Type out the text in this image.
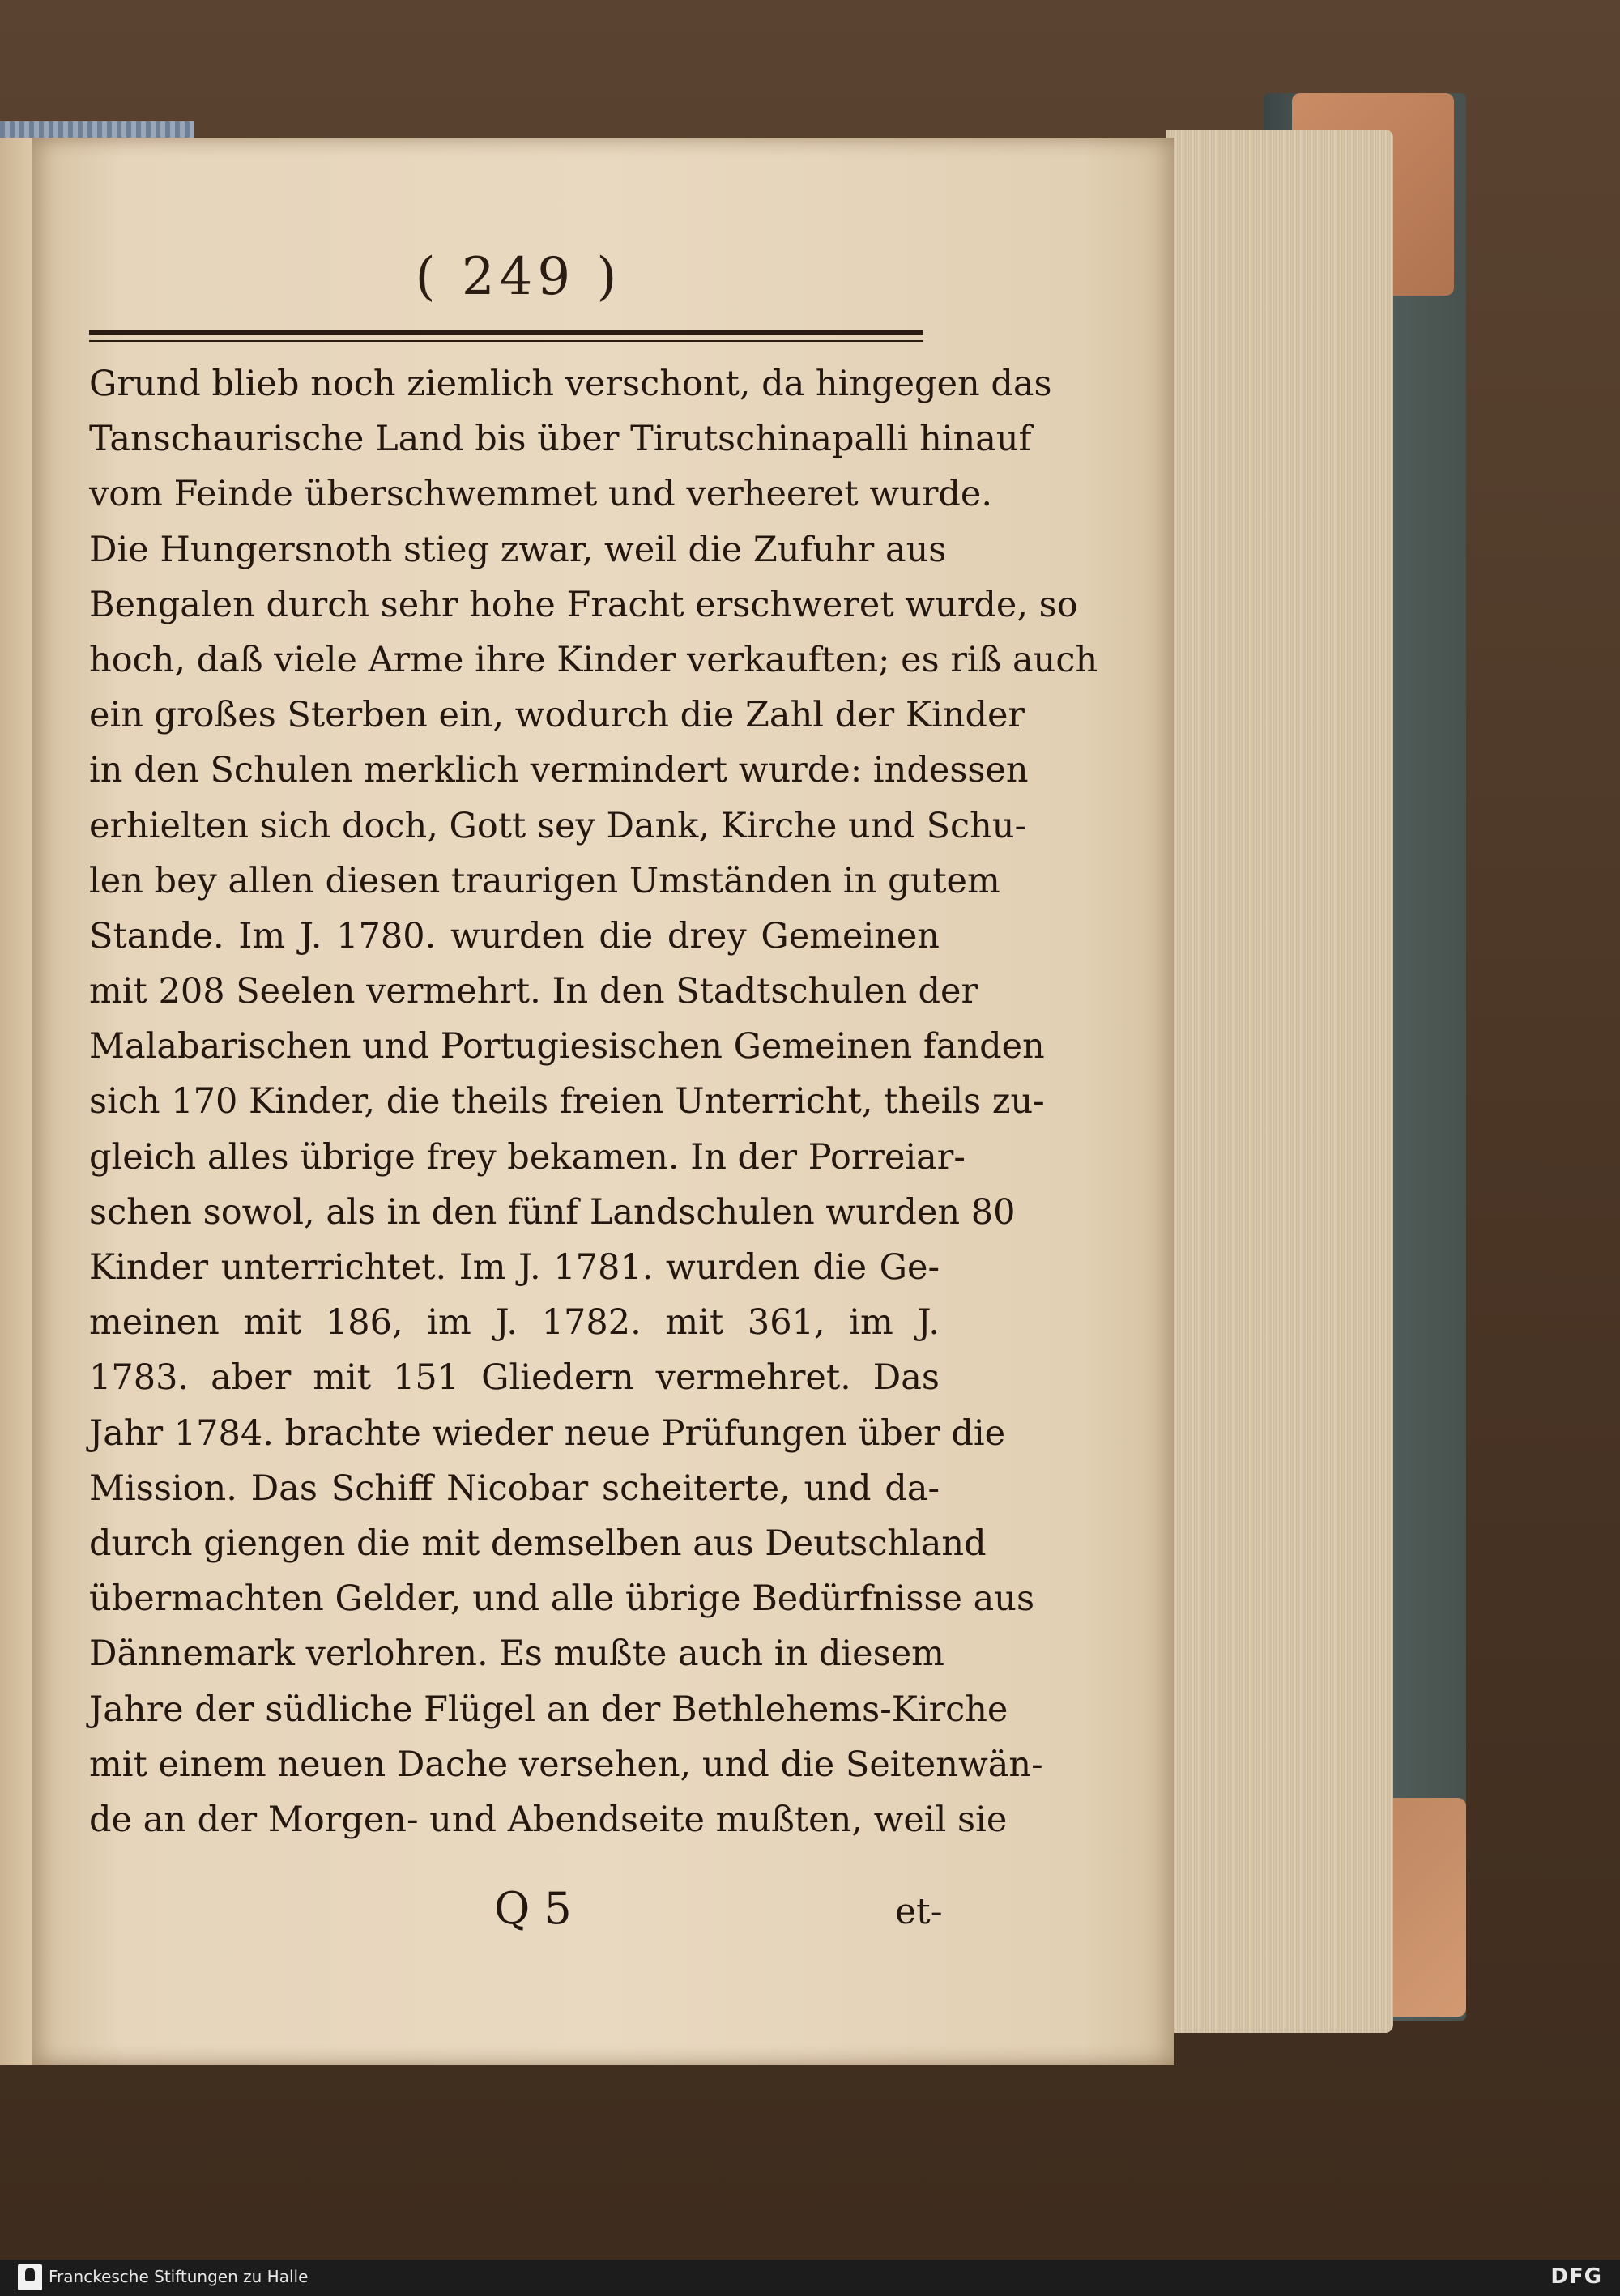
( 249 )
Grund blieb noch ziemlich verschont, da hingegen das
Tanschaurische Land bis über Tirutschinapalli hinauf
vom Feinde überschwemmet und verheeret wurde.
Die Hungersnoth stieg zwar, weil die Zufuhr aus
Bengalen durch sehr hohe Fracht erschweret wurde, so
hoch, daß viele Arme ihre Kinder verkauften; es riß auch
ein großes Sterben ein, wodurch die Zahl der Kinder
in den Schulen merklich vermindert wurde: indessen
erhielten sich doch, Gott sey Dank, Kirche und Schu-
len bey allen diesen traurigen Umständen in gutem
Stande. Im J. 1780. wurden die drey Gemeinen
mit 208 Seelen vermehrt. In den Stadtschulen der
Malabarischen und Portugiesischen Gemeinen fanden
sich 170 Kinder, die theils freien Unterricht, theils zu-
gleich alles übrige frey bekamen. In der Porreiar-
schen sowol, als in den fünf Landschulen wurden 80
Kinder unterrichtet. Im J. 1781. wurden die Ge-
meinen mit 186, im J. 1782. mit 361, im J.
1783. aber mit 151 Gliedern vermehret. Das
Jahr 1784. brachte wieder neue Prüfungen über die
Mission. Das Schiff Nicobar scheiterte, und da-
durch giengen die mit demselben aus Deutschland
übermachten Gelder, und alle übrige Bedürfnisse aus
Dännemark verlohren. Es mußte auch in diesem
Jahre der südliche Flügel an der Bethlehems-Kirche
mit einem neuen Dache versehen, und die Seitenwän-
de an der Morgen- und Abendseite mußten, weil sie
Q 5	et-
Franckesche Stiftungen zu Halle	DFG
